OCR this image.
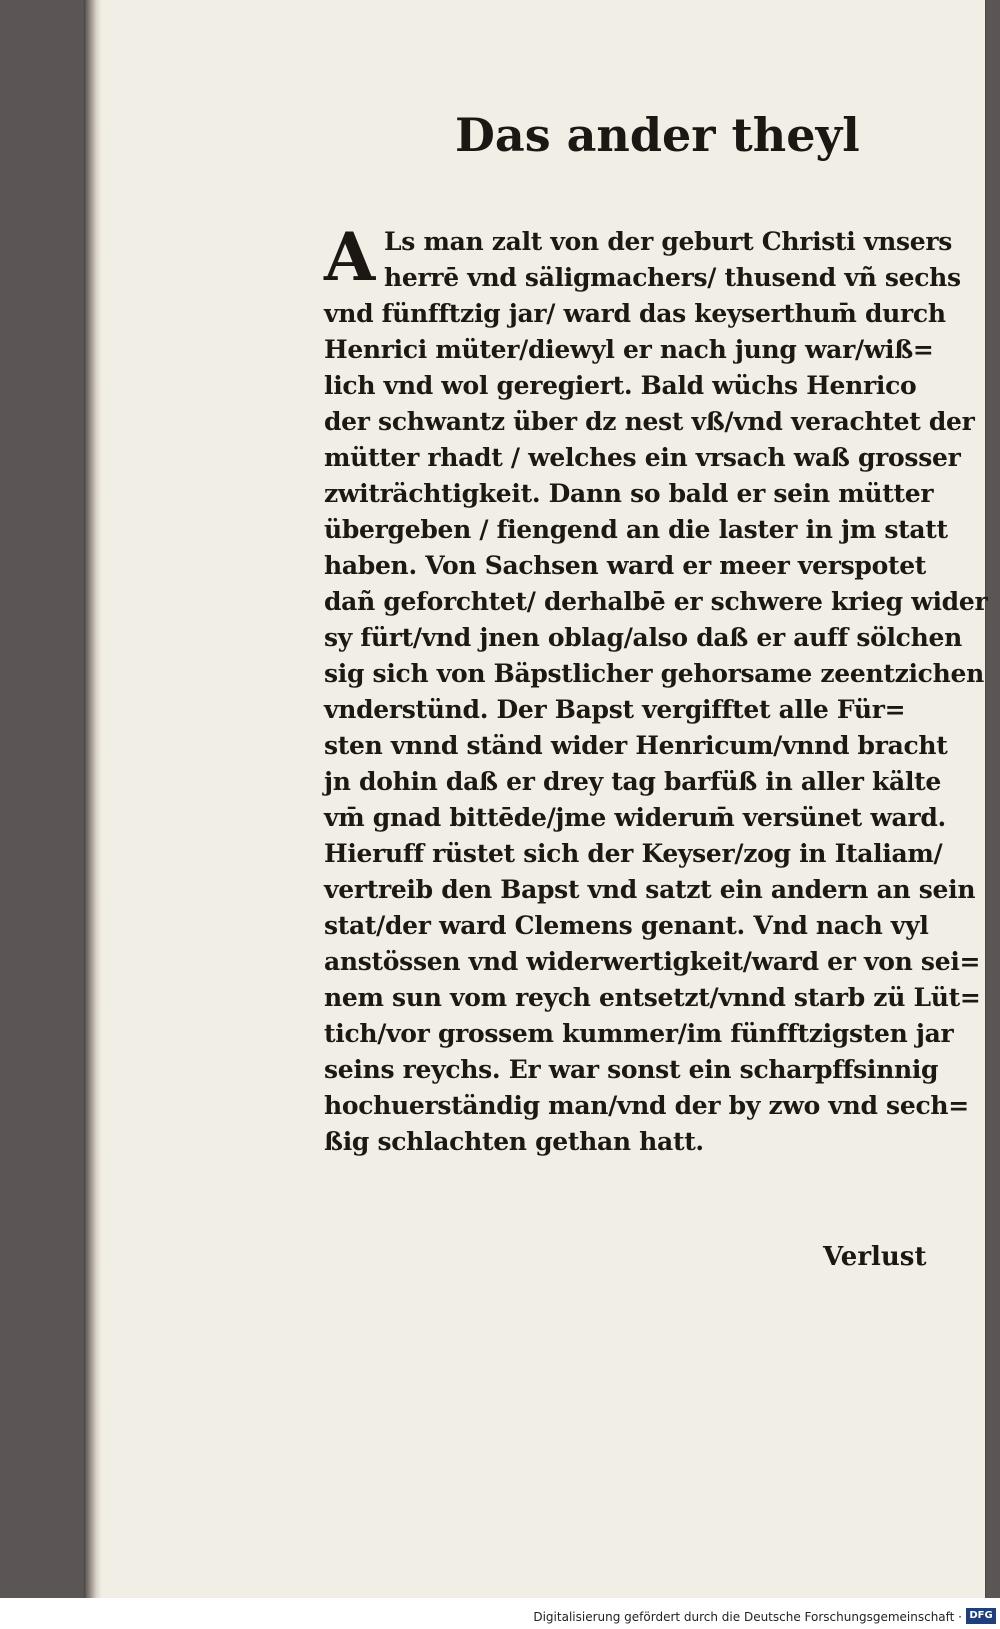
Das ander theyl
A Ls man zalt von der geburt Christi vnsers
herrē vnd säligmachers/ thusend vñ sechs
vnd fünfftzig jar/ ward das keyserthum̄ durch
Henrici müter/diewyl er nach jung war/wiß=
lich vnd wol geregiert. Bald wüchs Henrico
der schwantz über dz nest vß/vnd verachtet der
mütter rhadt / welches ein vrsach waß grosser
zwiträchtigkeit. Dann so bald er sein mütter
übergeben / fiengend an die laster in jm statt
haben. Von Sachsen ward er meer verspotet
dañ geforchtet/ derhalbē er schwere krieg wider
sy fürt/vnd jnen oblag/also daß er auff sölchen
sig sich von Bäpstlicher gehorsame zeentzichen
vnderstünd. Der Bapst vergifftet alle Für=
sten vnnd ständ wider Henricum/vnnd bracht
jn dohin daß er drey tag barfüß in aller kälte
vm̄ gnad bittēde/jme widerum̄ versünet ward.
Hieruff rüstet sich der Keyser/zog in Italiam/
vertreib den Bapst vnd satzt ein andern an sein
stat/der ward Clemens genant. Vnd nach vyl
anstössen vnd widerwertigkeit/ward er von sei=
nem sun vom reych entsetzt/vnnd starb zü Lüt=
tich/vor grossem kummer/im fünfftzigsten jar
seins reychs. Er war sonst ein scharpffsinnig
hochuerständig man/vnd der by zwo vnd sech=
ßig schlachten gethan hatt.
Verlust
Digitalisierung gefördert durch die Deutsche Forschungsgemeinschaft · DFG
